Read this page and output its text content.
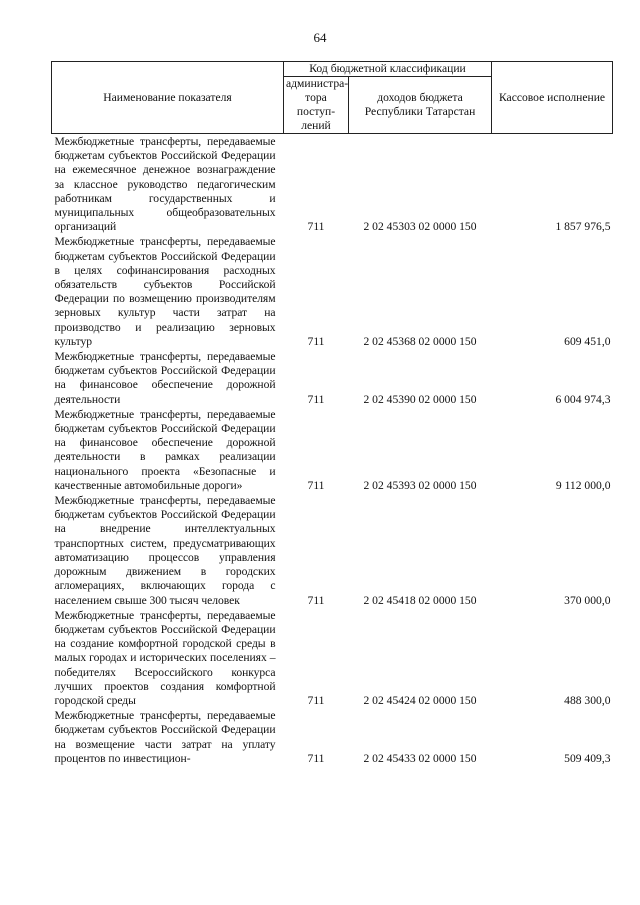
64
Наименование показателя	Код бюджетной классификации		Кассовое исполнение
	администра-тора поступ-лений	доходов бюджета Республики Татарстан	
Межбюджетные трансферты, передаваемые бюджетам субъектов Российской Федерации на ежемесячное денежное вознаграждение за классное руководство педагогическим работникам государственных и муниципальных общеобразовательных организаций	711	2 02 45303 02 0000 150	1 857 976,5
Межбюджетные трансферты, передаваемые бюджетам субъектов Российской Федерации в целях софинансирования расходных обязательств субъектов Российской Федерации по возмещению производителям зерновых культур части затрат на производство и реализацию зерновых культур	711	2 02 45368 02 0000 150	609 451,0
Межбюджетные трансферты, передаваемые бюджетам субъектов Российской Федерации на финансовое обеспечение дорожной деятельности	711	2 02 45390 02 0000 150	6 004 974,3
Межбюджетные трансферты, передаваемые бюджетам субъектов Российской Федерации на финансовое обеспечение дорожной деятельности в рамках реализации национального проекта «Безопасные и качественные автомобильные дороги»	711	2 02 45393 02 0000 150	9 112 000,0
Межбюджетные трансферты, передаваемые бюджетам субъектов Российской Федерации на внедрение интеллектуальных транспортных систем, предусматривающих автоматизацию процессов управления дорожным движением в городских агломерациях, включающих города с населением свыше 300 тысяч человек	711	2 02 45418 02 0000 150	370 000,0
Межбюджетные трансферты, передаваемые бюджетам субъектов Российской Федерации на создание комфортной городской среды в малых городах и исторических поселениях – победителях Всероссийского конкурса лучших проектов создания комфортной городской среды	711	2 02 45424 02 0000 150	488 300,0
Межбюджетные трансферты, передаваемые бюджетам субъектов Российской Федерации на возмещение части затрат на уплату процентов по инвестицион-	711	2 02 45433 02 0000 150	509 409,3
